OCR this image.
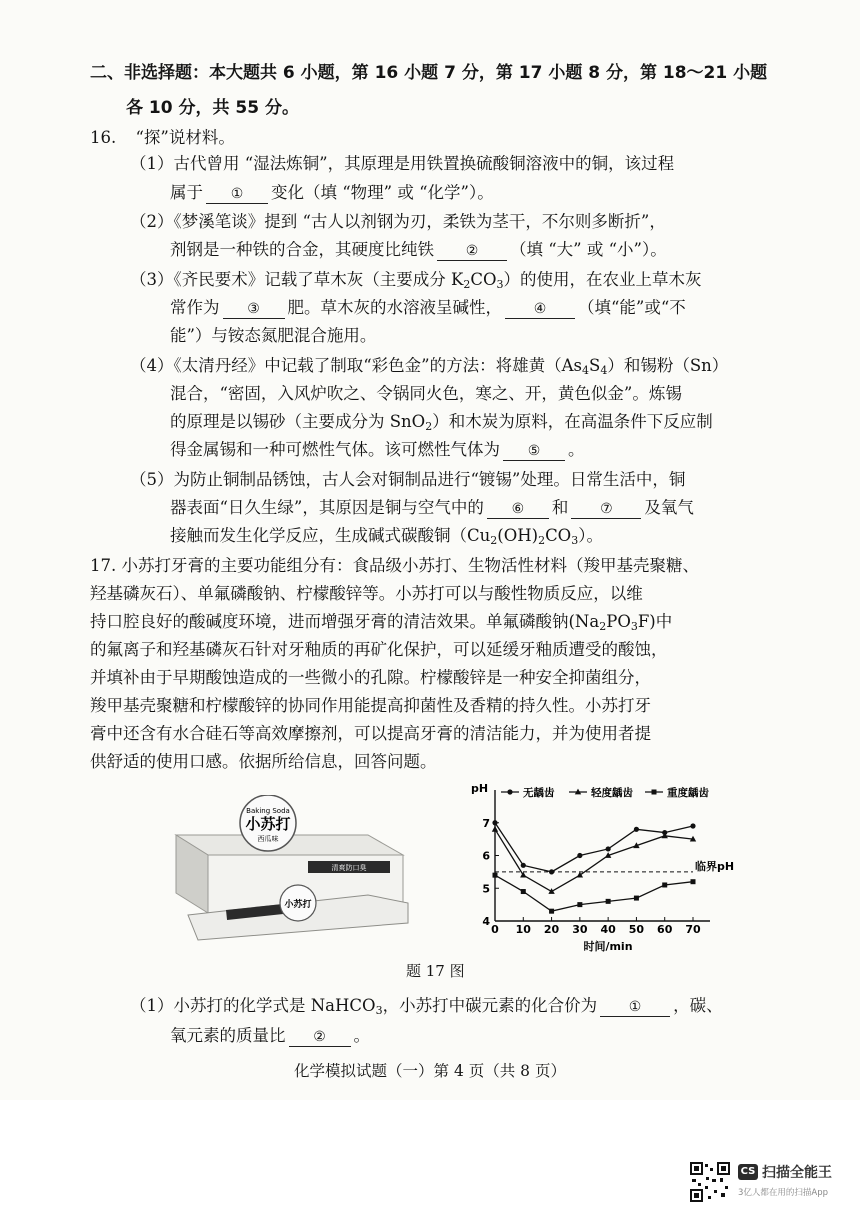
二、非选择题：本大题共 6 小题，第 16 小题 7 分，第 17 小题 8 分，第 18～21 小题
各 10 分，共 55 分。
16. “探”说材料。
（1）古代曾用 “湿法炼铜”，其原理是用铁置换硫酸铜溶液中的铜，该过程
属于 ① 变化（填 “物理” 或 “化学”）。
（2）《梦溪笔谈》提到 “古人以剂钢为刃，柔铁为茎干，不尔则多断折”，
剂钢是一种铁的合金，其硬度比纯铁 ② （填 “大” 或 “小”）。
（3）《齐民要术》记载了草木灰（主要成分 $K_2CO_3$）的使用，在农业上草木灰
常作为 ③ 肥。草木灰的水溶液呈碱性， ④ （填“能”或“不
能”）与铵态氮肥混合施用。
（4）《太清丹经》中记载了制取“彩色金”的方法：将雄黄$(As_4S_4)$和锡粉（Sn）
混合，“密固，入风炉吹之、令锅同火色，寒之、开，黄色似金”。炼锡
的原理是以锡砂（主要成分为 SnO$_2$）和木炭为原料，在高温条件下反应制
得金属锡和一种可燃性气体。该可燃性气体为 ⑤ 。
（5）为防止铜制品锈蚀，古人会对铜制品进行“镀锡”处理。日常生活中，铜
器表面“日久生绿”，其原因是铜与空气中的 ⑥ 和 ⑦ 及氧气
接触而发生化学反应，生成碱式碳酸铜$(Cu_2(OH)_2CO_3)$。
17. 小苏打牙膏的主要功能组分有：食品级小苏打、生物活性材料（羧甲基壳聚糖、
羟基磷灰石）、单氟磷酸钠、柠檬酸锌等。小苏打可以与酸性物质反应，以维
持口腔良好的酸碱度环境，进而增强牙膏的清洁效果。单氟磷酸钠$(Na_2PO_3F)$中
的氟离子和羟基磷灰石针对牙釉质的再矿化保护，可以延缓牙釉质遭受的酸蚀，
并填补由于早期酸蚀造成的一些微小的孔隙。柠檬酸锌是一种安全抑菌组分，
羧甲基壳聚糖和柠檬酸锌的协同作用能提高抑菌性及香精的持久性。小苏打牙
膏中还含有水合硅石等高效摩擦剂，可以提高牙膏的清洁能力，并为使用者提
供舒适的使用口感。依据所给信息，回答问题。
清爽防口臭
Baking Soda
小苏打
西瓜味
小苏打
pH
时间/min
4
5
6
7
0 10 20 30 40 50 60 70
临界pH
无龋齿	轻度龋齿	重度龋齿
题 17 图
（1）小苏打的化学式是 NaHCO$_3$，小苏打中碳元素的化合价为 ① ，碳、
氧元素的质量比 ② 。
化学模拟试题（一）第 4 页（共 8 页）
CS 扫描全能王
3亿人都在用的扫描App
